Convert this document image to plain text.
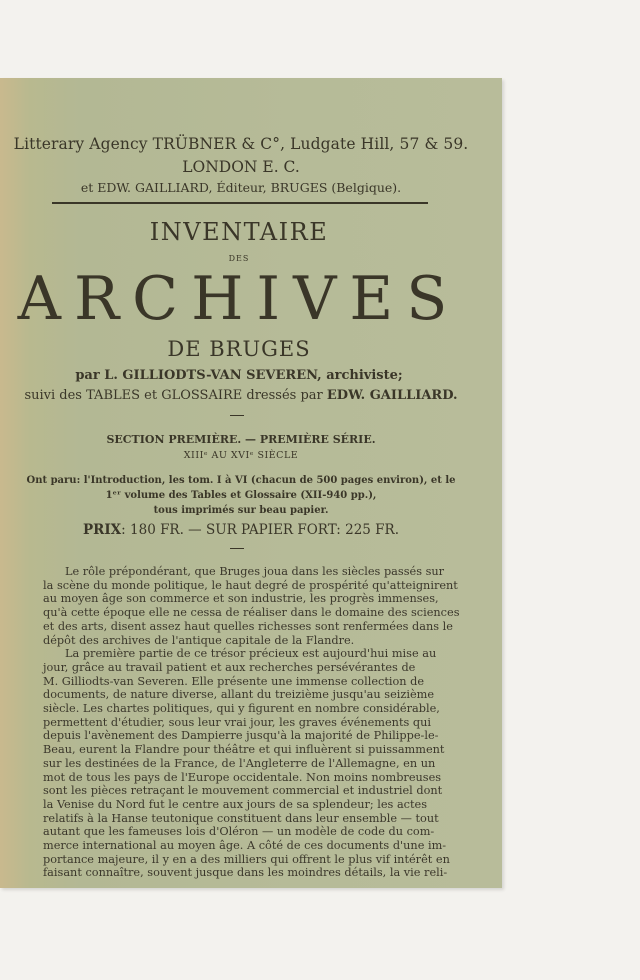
Litterary Agency TRÜBNER & C°, Ludgate Hill, 57 & 59.
LONDON E. C.
et EDW. GAILLIARD, Éditeur, BRUGES (Belgique).
INVENTAIRE
DES
ARCHIVES
DE BRUGES
par L. GILLIODTS-VAN SEVEREN, archiviste;
suivi des TABLES et GLOSSAIRE dressés par EDW. GAILLIARD.
SECTION PREMIÈRE. — PREMIÈRE SÉRIE.
XIIIᵉ AU XVIᵉ SIÈCLE
Ont paru: l'Introduction, les tom. I à VI (chacun de 500 pages environ), et le
1ᵉʳ volume des Tables et Glossaire (XII-940 pp.),
tous imprimés sur beau papier.
PRIX: 180 FR. — SUR PAPIER FORT: 225 FR.
Le rôle prépondérant, que Bruges joua dans les siècles passés sur
la scène du monde politique, le haut degré de prospérité qu'atteignirent
au moyen âge son commerce et son industrie, les progrès immenses,
qu'à cette époque elle ne cessa de réaliser dans le domaine des sciences
et des arts, disent assez haut quelles richesses sont renfermées dans le
dépôt des archives de l'antique capitale de la Flandre.
La première partie de ce trésor précieux est aujourd'hui mise au
jour, grâce au travail patient et aux recherches persévérantes de
M. Gilliodts-van Severen. Elle présente une immense collection de
documents, de nature diverse, allant du treizième jusqu'au seizième
siècle. Les chartes politiques, qui y figurent en nombre considérable,
permettent d'étudier, sous leur vrai jour, les graves événements qui
depuis l'avènement des Dampierre jusqu'à la majorité de Philippe-le-
Beau, eurent la Flandre pour théâtre et qui influèrent si puissamment
sur les destinées de la France, de l'Angleterre de l'Allemagne, en un
mot de tous les pays de l'Europe occidentale. Non moins nombreuses
sont les pièces retraçant le mouvement commercial et industriel dont
la Venise du Nord fut le centre aux jours de sa splendeur; les actes
relatifs à la Hanse teutonique constituent dans leur ensemble — tout
autant que les fameuses lois d'Oléron — un modèle de code du com-
merce international au moyen âge. A côté de ces documents d'une im-
portance majeure, il y en a des milliers qui offrent le plus vif intérêt en
faisant connaître, souvent jusque dans les moindres détails, la vie reli-
